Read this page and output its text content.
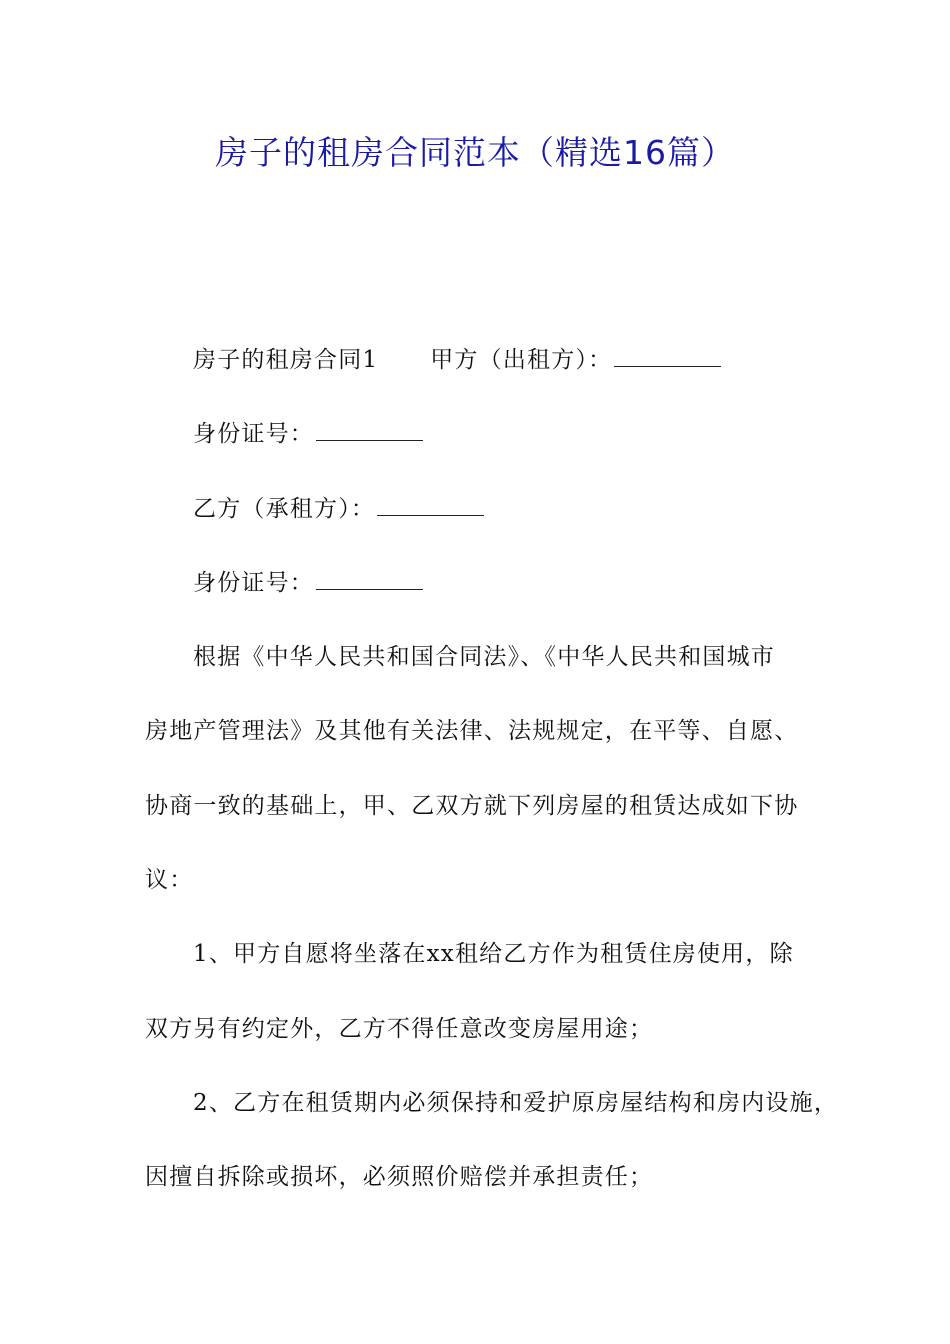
房子的租房合同范本（精选16篇）
房子的租房合同1 甲方（出租方）：
身份证号：
乙方（承租方）：
身份证号：
根据《中华人民共和国合同法》、《中华人民共和国城市
房地产管理法》及其他有关法律、法规规定，在平等、自愿、
协商一致的基础上，甲、乙双方就下列房屋的租赁达成如下协
议：
1、甲方自愿将坐落在xx租给乙方作为租赁住房使用，除
双方另有约定外，乙方不得任意改变房屋用途；
2、乙方在租赁期内必须保持和爱护原房屋结构和房内设施，
因擅自拆除或损坏，必须照价赔偿并承担责任；
